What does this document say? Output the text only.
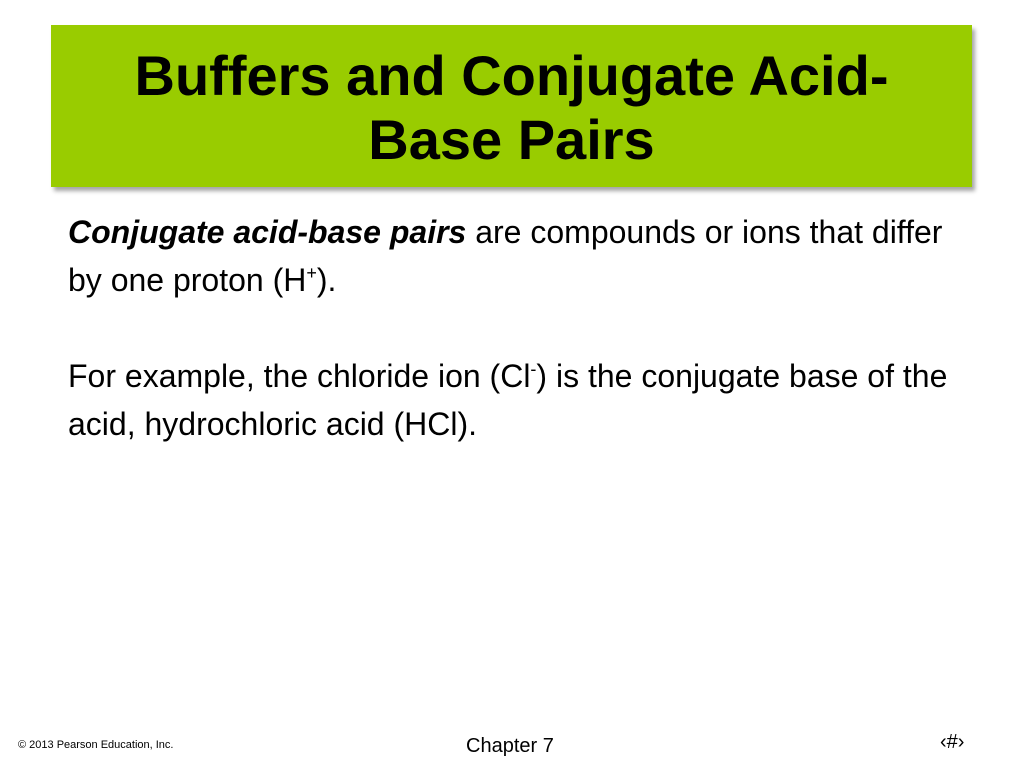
Buffers and Conjugate Acid-
Base Pairs

Conjugate acid-base pairs are compounds or ions that differ by one proton (H+).

For example, the chloride ion (Cl-) is the conjugate base of the acid, hydrochloric acid (HCl).

© 2013 Pearson Education, Inc.	Chapter 7	‹#›
